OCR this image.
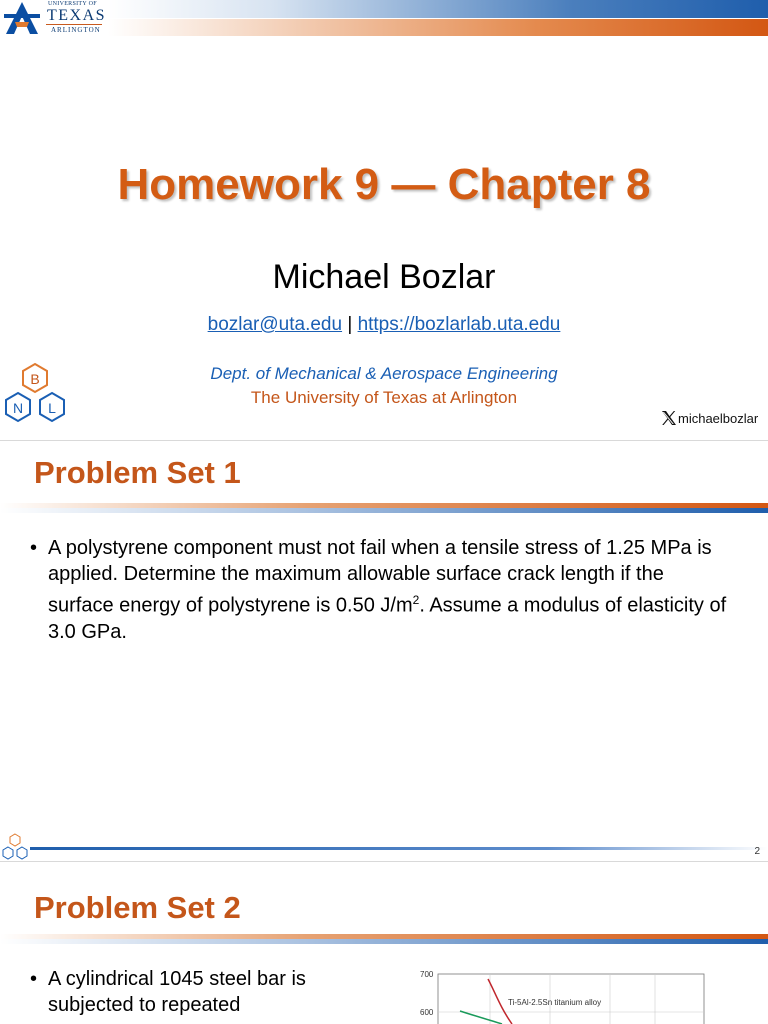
UNIVERSITY OF
TEXAS
ARLINGTON
Homework 9 — Chapter 8
Michael Bozlar
bozlar@uta.edu | https://bozlarlab.uta.edu
Dept. of Mechanical & Aerospace Engineering
The University of Texas at Arlington
B
N L
michaelbozlar
Problem Set 1
• A polystyrene component must not fail when a tensile stress of 1.25 MPa is applied. Determine the maximum allowable surface crack length if the surface energy of polystyrene is 0.50 $J/m^2$. Assume a modulus of elasticity of 3.0 GPa.
2
Problem Set 2
• A cylindrical 1045 steel bar is subjected to repeated
700
600
Ti-5Al-2.5Sn titanium alloy
